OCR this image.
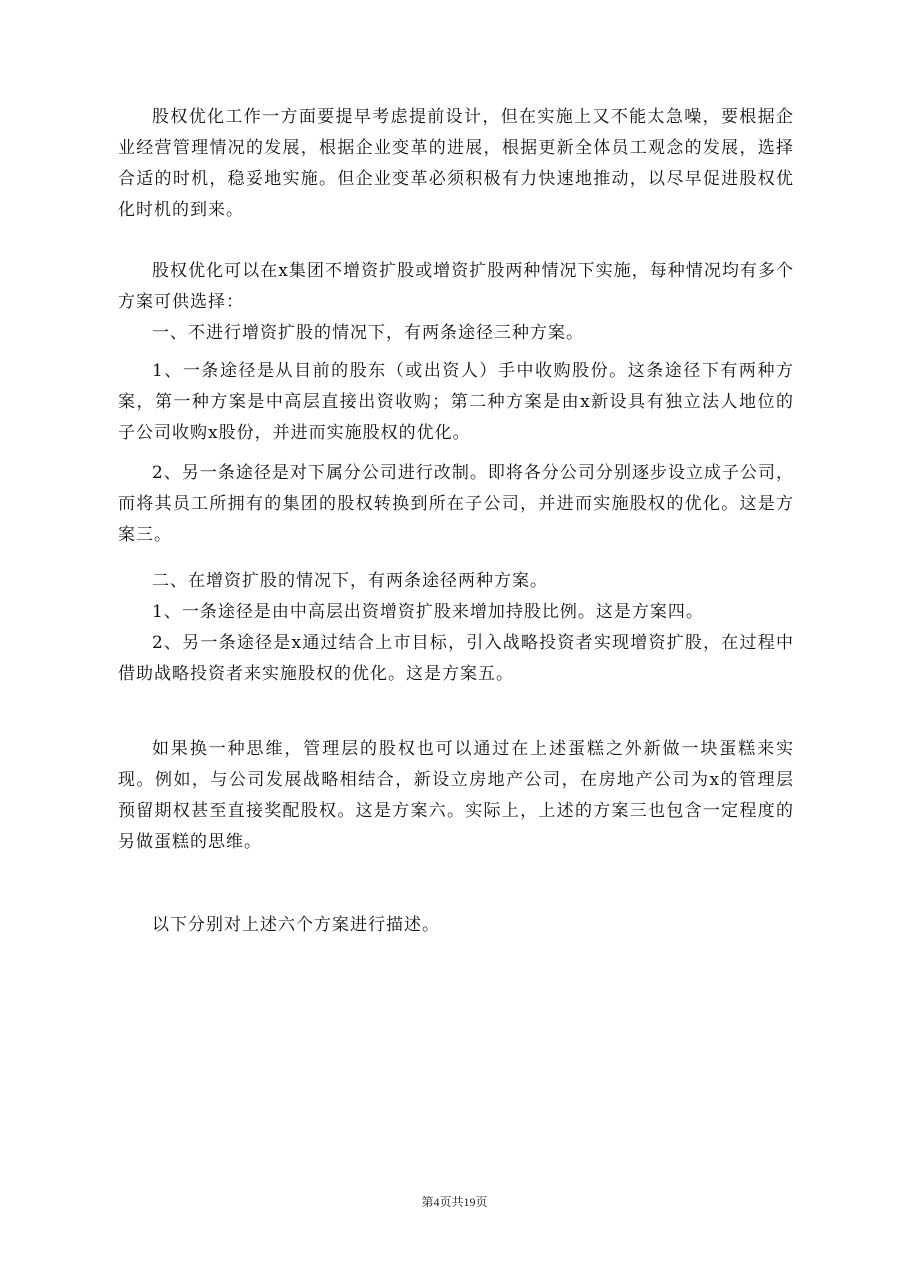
股权优化工作一方面要提早考虑提前设计，但在实施上又不能太急噪，要根据企业经营管理情况的发展，根据企业变革的进展，根据更新全体员工观念的发展，选择合适的时机，稳妥地实施。但企业变革必须积极有力快速地推动，以尽早促进股权优化时机的到来。

股权优化可以在x集团不增资扩股或增资扩股两种情况下实施，每种情况均有多个方案可供选择：

一、不进行增资扩股的情况下，有两条途径三种方案。

1、一条途径是从目前的股东（或出资人）手中收购股份。这条途径下有两种方案，第一种方案是中高层直接出资收购；第二种方案是由x新设具有独立法人地位的子公司收购x股份，并进而实施股权的优化。

2、另一条途径是对下属分公司进行改制。即将各分公司分别逐步设立成子公司，而将其员工所拥有的集团的股权转换到所在子公司，并进而实施股权的优化。这是方案三。

二、在增资扩股的情况下，有两条途径两种方案。

1、一条途径是由中高层出资增资扩股来增加持股比例。这是方案四。

2、另一条途径是x通过结合上市目标，引入战略投资者实现增资扩股，在过程中借助战略投资者来实施股权的优化。这是方案五。

如果换一种思维，管理层的股权也可以通过在上述蛋糕之外新做一块蛋糕来实现。例如，与公司发展战略相结合，新设立房地产公司，在房地产公司为x的管理层预留期权甚至直接奖配股权。这是方案六。实际上，上述的方案三也包含一定程度的另做蛋糕的思维。

以下分别对上述六个方案进行描述。

第4页共19页
